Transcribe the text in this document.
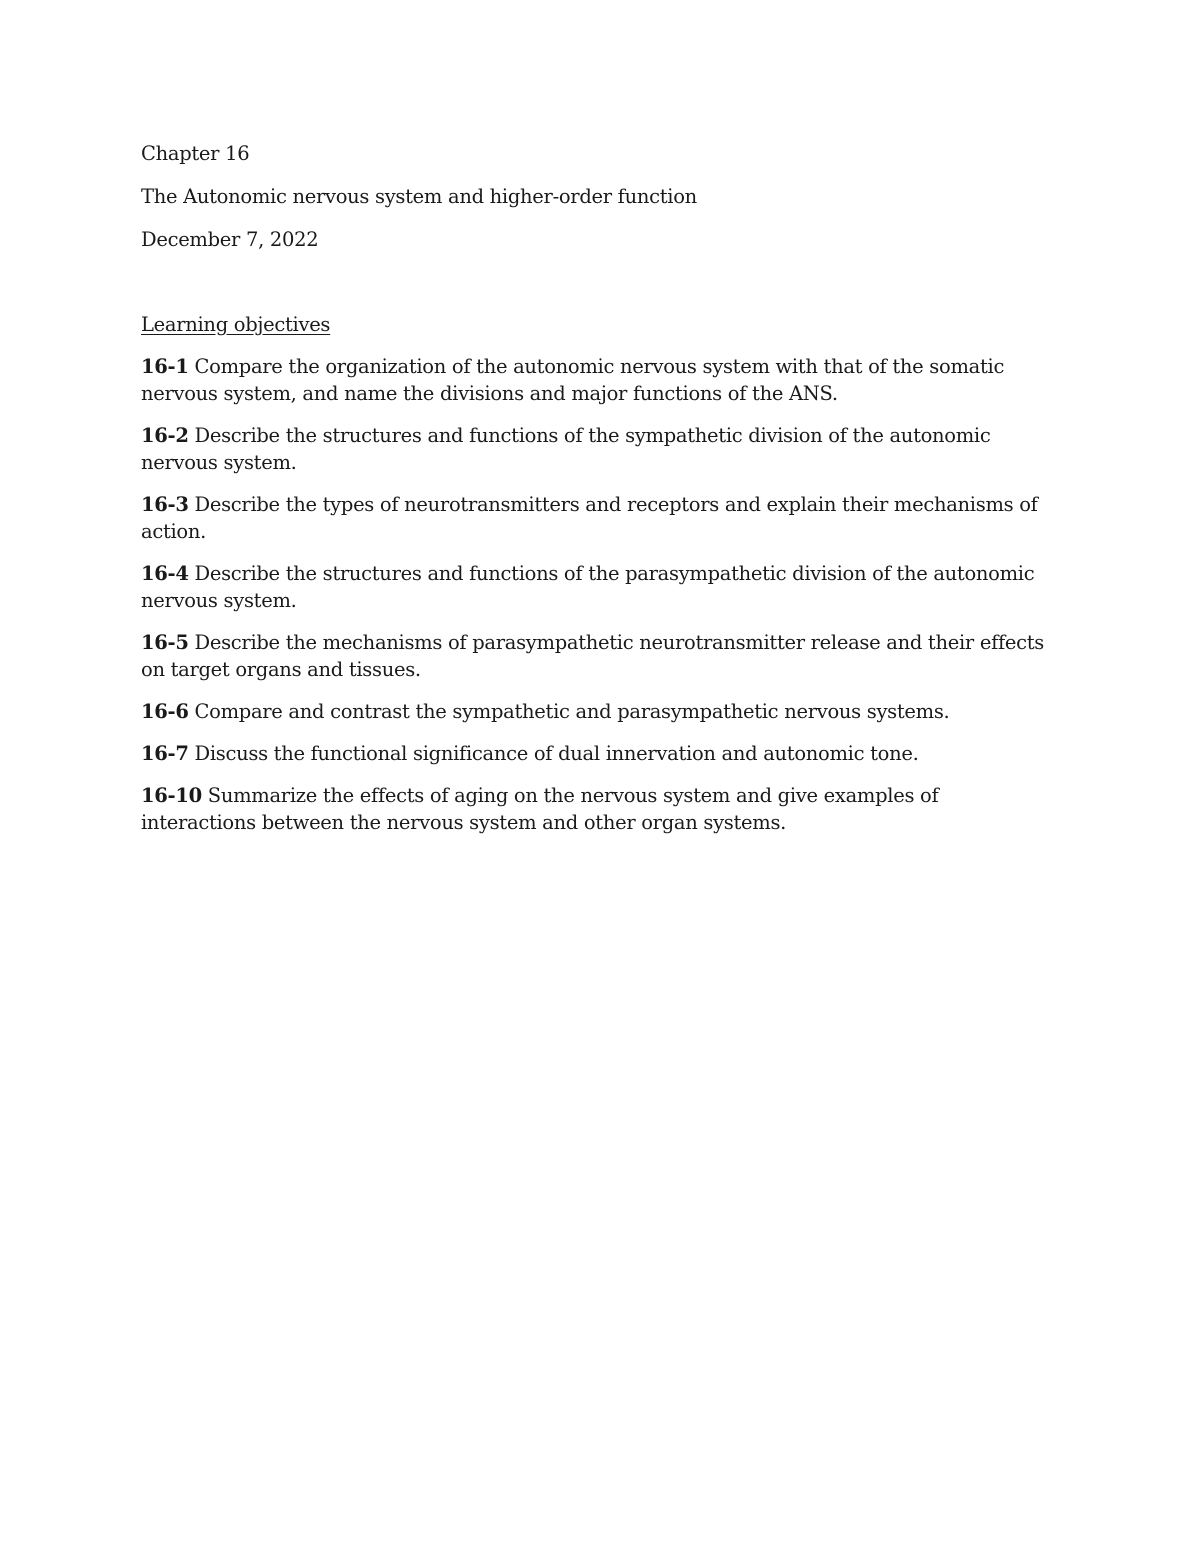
Chapter 16

The Autonomic nervous system and higher-order function

December 7, 2022

Learning objectives

16-1 Compare the organization of the autonomic nervous system with that of the somatic nervous system, and name the divisions and major functions of the ANS.

16-2 Describe the structures and functions of the sympathetic division of the autonomic nervous system.

16-3 Describe the types of neurotransmitters and receptors and explain their mechanisms of action.

16-4 Describe the structures and functions of the parasympathetic division of the autonomic nervous system.

16-5 Describe the mechanisms of parasympathetic neurotransmitter release and their effects on target organs and tissues.

16-6 Compare and contrast the sympathetic and parasympathetic nervous systems.

16-7 Discuss the functional significance of dual innervation and autonomic tone.

16-10 Summarize the effects of aging on the nervous system and give examples of interactions between the nervous system and other organ systems.
